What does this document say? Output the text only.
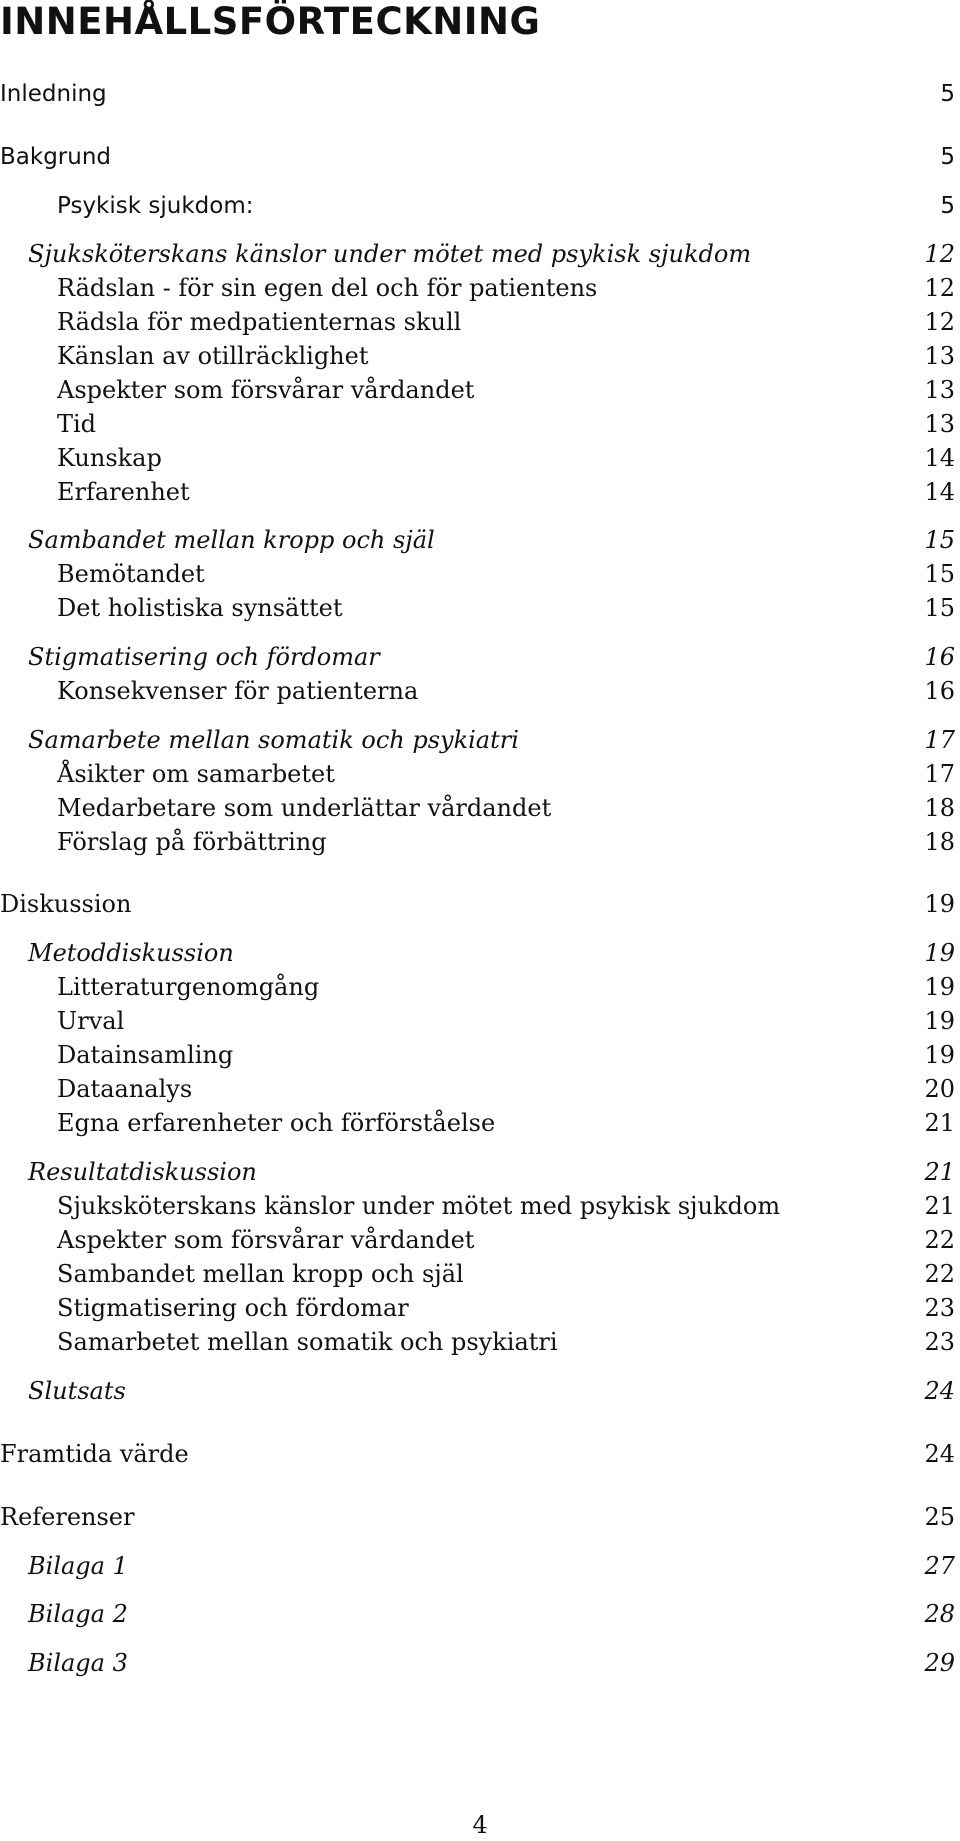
INNEHÅLLSFÖRTECKNING
Inledning	5
Bakgrund	5
Psykisk sjukdom:	5
Sjuksköterskans känslor under mötet med psykisk sjukdom	12
Rädslan - för sin egen del och för patientens	12
Rädsla för medpatienternas skull	12
Känslan av otillräcklighet	13
Aspekter som försvårar vårdandet	13
Tid	13
Kunskap	14
Erfarenhet	14
Sambandet mellan kropp och själ	15
Bemötandet	15
Det holistiska synsättet	15
Stigmatisering och fördomar	16
Konsekvenser för patienterna	16
Samarbete mellan somatik och psykiatri	17
Åsikter om samarbetet	17
Medarbetare som underlättar vårdandet	18
Förslag på förbättring	18
Diskussion	19
Metoddiskussion	19
Litteraturgenomgång	19
Urval	19
Datainsamling	19
Dataanalys	20
Egna erfarenheter och förförståelse	21
Resultatdiskussion	21
Sjuksköterskans känslor under mötet med psykisk sjukdom	21
Aspekter som försvårar vårdandet	22
Sambandet mellan kropp och själ	22
Stigmatisering och fördomar	23
Samarbetet mellan somatik och psykiatri	23
Slutsats	24
Framtida värde	24
Referenser	25
Bilaga 1	27
Bilaga 2	28
Bilaga 3	29
4
